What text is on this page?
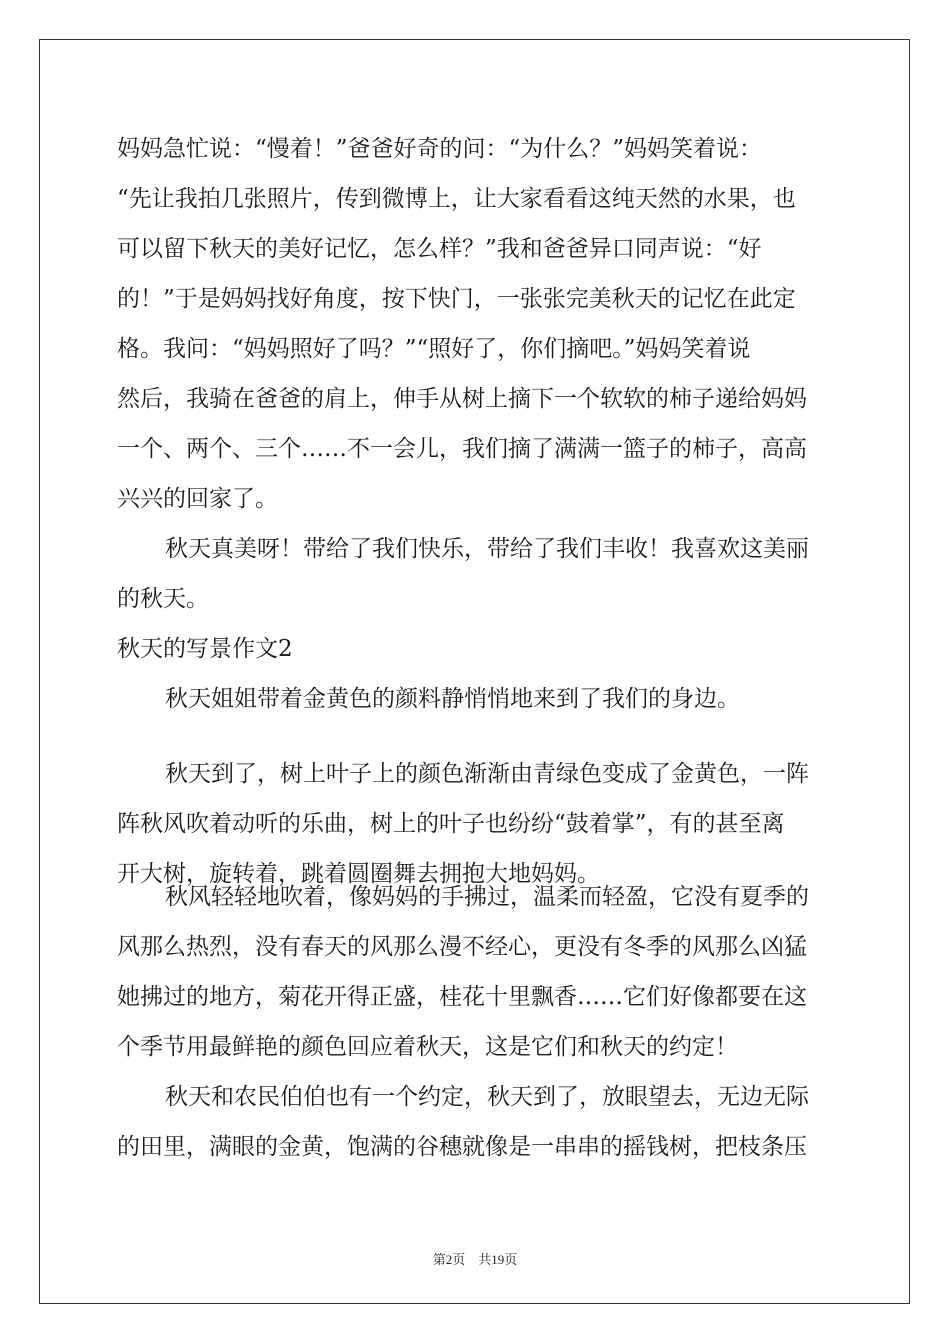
妈妈急忙说：“慢着！”爸爸好奇的问：“为什么？”妈妈笑着说：

“先让我拍几张照片，传到微博上，让大家看看这纯天然的水果，也

可以留下秋天的美好记忆，怎么样？”我和爸爸异口同声说：“好

的！”于是妈妈找好角度，按下快门，一张张完美秋天的记忆在此定

格。我问：“妈妈照好了吗？”“照好了，你们摘吧。”妈妈笑着说

然后，我骑在爸爸的肩上，伸手从树上摘下一个软软的柿子递给妈妈

一个、两个、三个……不一会儿，我们摘了满满一篮子的柿子，高高

兴兴的回家了。

秋天真美呀！带给了我们快乐，带给了我们丰收！我喜欢这美丽

的秋天。

秋天的写景作文2

秋天姐姐带着金黄色的颜料静悄悄地来到了我们的身边。

秋天到了，树上叶子上的颜色渐渐由青绿色变成了金黄色，一阵

阵秋风吹着动听的乐曲，树上的叶子也纷纷“鼓着掌”，有的甚至离

开大树，旋转着，跳着圆圈舞去拥抱大地妈妈。

秋风轻轻地吹着，像妈妈的手拂过，温柔而轻盈，它没有夏季的

风那么热烈，没有春天的风那么漫不经心，更没有冬季的风那么凶猛

她拂过的地方，菊花开得正盛，桂花十里飘香……它们好像都要在这

个季节用最鲜艳的颜色回应着秋天，这是它们和秋天的约定！

秋天和农民伯伯也有一个约定，秋天到了，放眼望去，无边无际

的田里，满眼的金黄，饱满的谷穗就像是一串串的摇钱树，把枝条压

第2页 共19页
